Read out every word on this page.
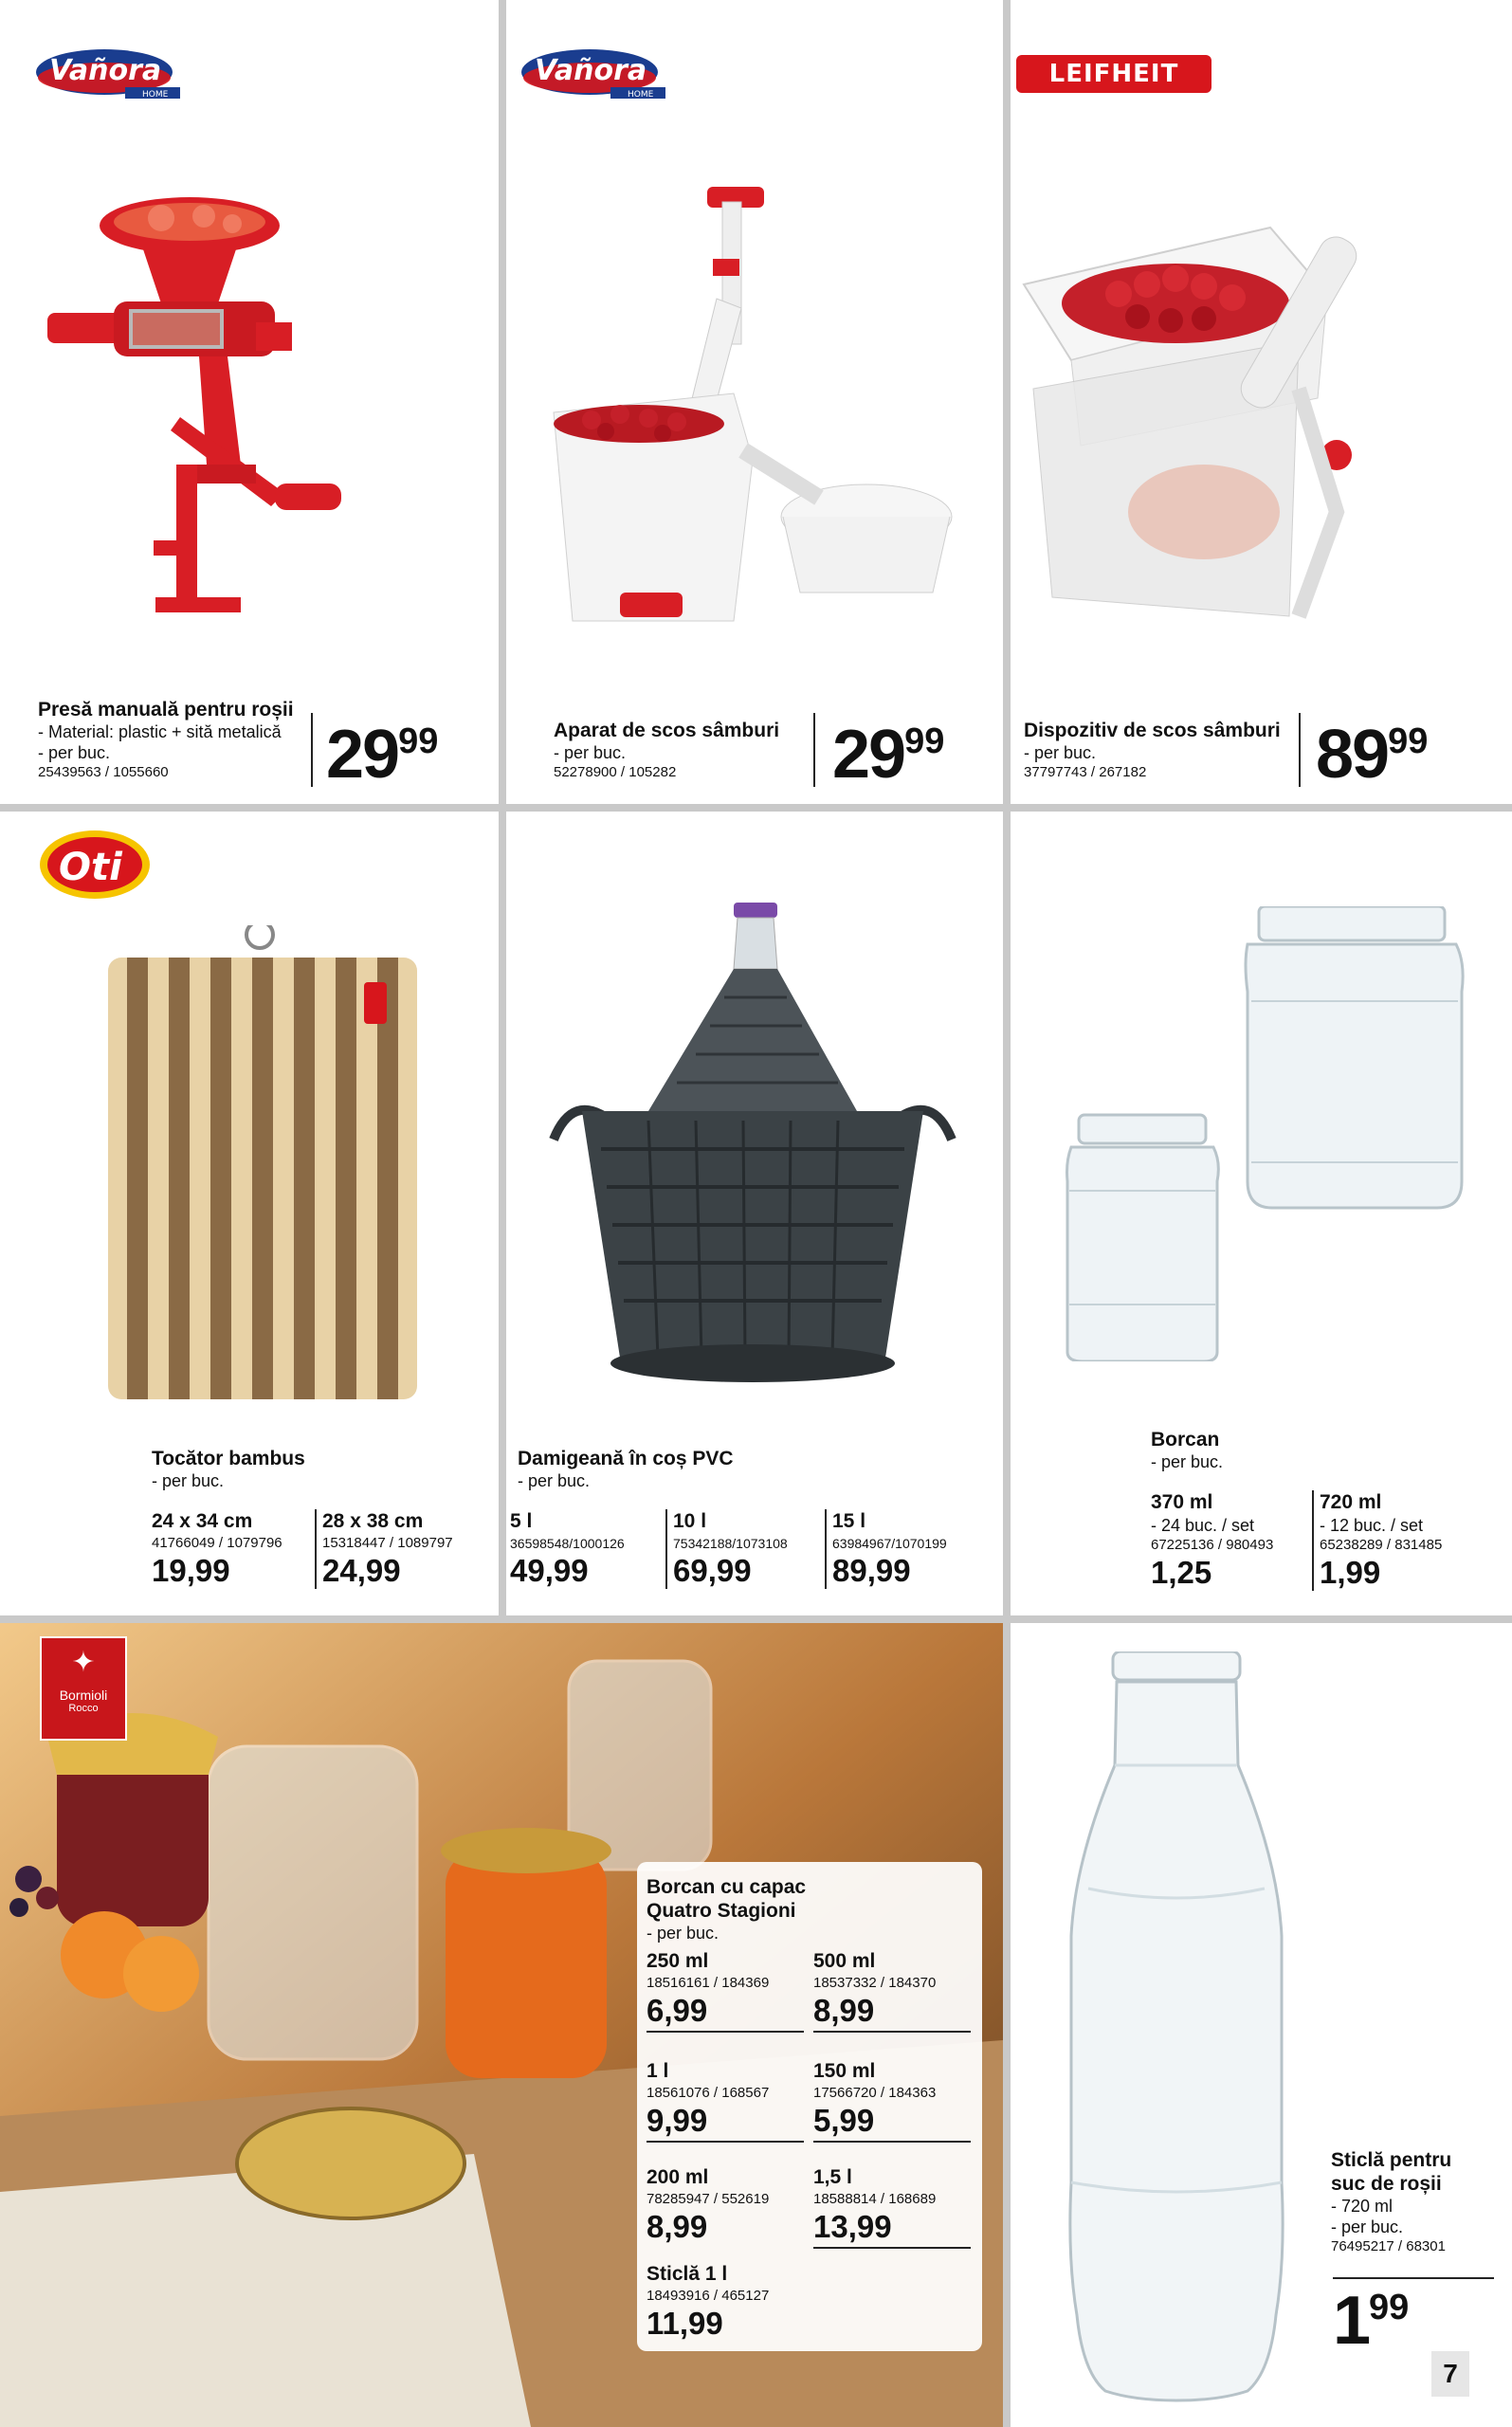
Vañora
HOME
Presă manuală pentru roșii
- Material: plastic + sită metalică
- per buc.
25439563 / 1055660	$29^{99}$
Vañora
HOME
Aparat de scos sâmburi
- per buc.
52278900 / 105282	$29^{99}$
LEIFHEIT
Dispozitiv de scos sâmburi
- per buc.
37797743 / 267182	$89^{99}$
Oti
Tocător bambus
- per buc.
24 x 34 cm
41766049 / 1079796
19,99
28 x 38 cm
15318447 / 1089797
24,99
Damigeană în coș PVC
- per buc.
5 l
36598548/1000126
49,99
10 l
75342188/1073108
69,99
15 l
63984967/1070199
89,99
Borcan
- per buc.
370 ml
- 24 buc. / set
67225136 / 980493
1,25
720 ml
- 12 buc. / set
65238289 / 831485
1,99
✦
Bormioli
Rocco
Borcan cu capac
Quatro Stagioni
- per buc.
250 ml
18516161 / 184369
6,99
500 ml
18537332 / 184370
8,99
1 l
18561076 / 168567
9,99
150 ml
17566720 / 184363
5,99
200 ml
78285947 / 552619
8,99
1,5 l
18588814 / 168689
13,99
Sticlă 1 l
18493916 / 465127
11,99
Sticlă pentru
suc de roșii
- 720 ml
- per buc.
76495217 / 68301
$1^{99}$
7
